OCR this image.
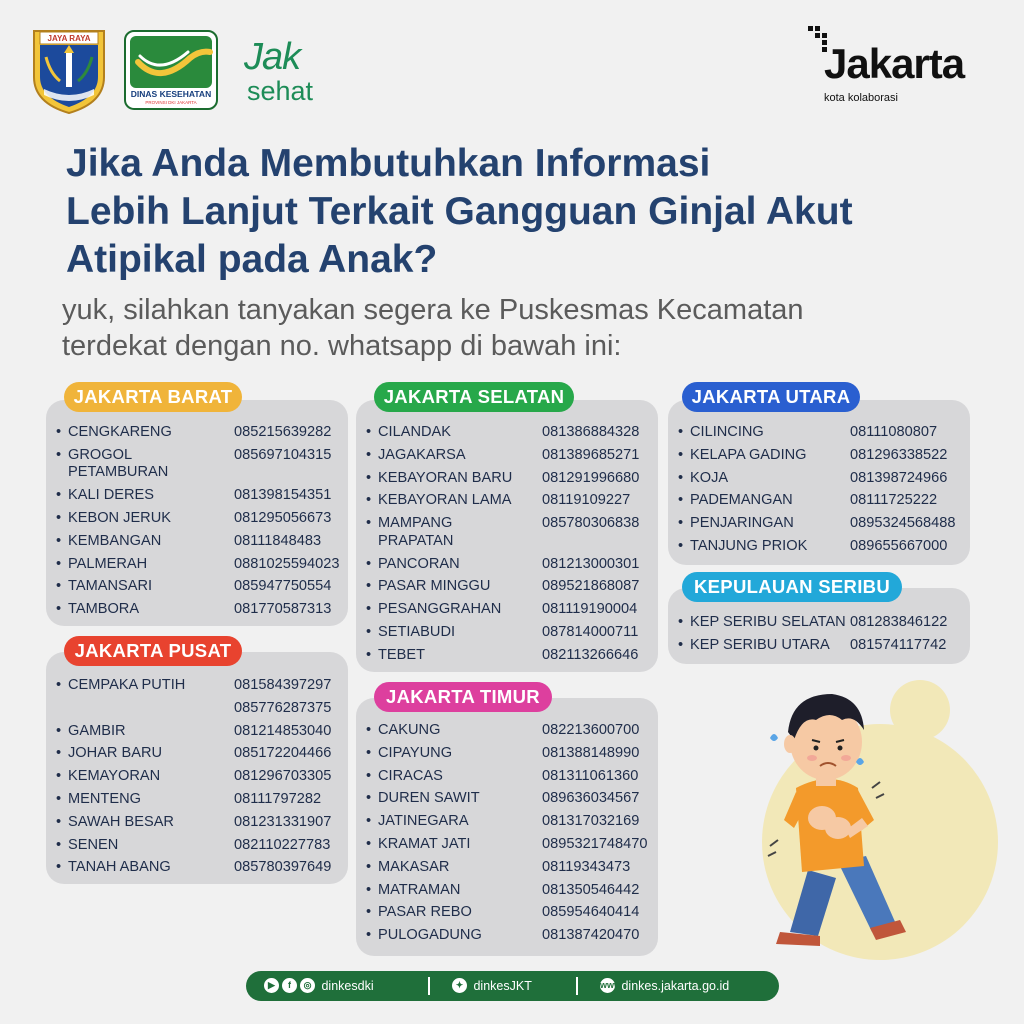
JAYA RAYA
DINAS KESEHATAN
PROVINSI DKI JAKARTA
Jak
sehat
Jakarta
kota kolaborasi
Jika Anda Membutuhkan Informasi
Lebih Lanjut Terkait Gangguan Ginjal Akut
Atipikal pada Anak?

yuk, silahkan tanyakan segera ke Puskesmas Kecamatan
terdekat dengan no. whatsapp di bawah ini:

• CENGKARENG	085215639282
• GROGOL
PETAMBURAN
085697104315
• KALI DERES	081398154351
• KEBON JERUK	081295056673
• KEMBANGAN	08111848483
• PALMERAH	0881025594023
• TAMANSARI	085947750554
• TAMBORA	081770587313
JAKARTA BARAT
• CEMPAKA PUTIH	081584397297
085776287375
• GAMBIR	081214853040
• JOHAR BARU	085172204466
• KEMAYORAN	081296703305
• MENTENG	08111797282
• SAWAH BESAR	081231331907
• SENEN	082110227783
• TANAH ABANG	085780397649
JAKARTA PUSAT
• CILANDAK	081386884328
• JAGAKARSA	081389685271
• KEBAYORAN BARU 081291996680
• KEBAYORAN LAMA 08119109227
• MAMPANG
PRAPATAN
085780306838
• PANCORAN	081213000301
• PASAR MINGGU	089521868087
• PESANGGRAHAN	081119190004
• SETIABUDI	087814000711
• TEBET	082113266646
JAKARTA SELATAN
• CAKUNG	082213600700
• CIPAYUNG	081388148990
• CIRACAS	081311061360
• DUREN SAWIT	089636034567
• JATINEGARA	081317032169
• KRAMAT JATI	0895321748470
• MAKASAR	08119343473
• MATRAMAN	081350546442
• PASAR REBO	085954640414
• PULOGADUNG	081387420470
JAKARTA TIMUR
• CILINCING	08111080807
• KELAPA GADING	081296338522
• KOJA	081398724966
• PADEMANGAN	08111725222
• PENJARINGAN	0895324568488
• TANJUNG PRIOK	089655667000
JAKARTA UTARA
• KEP SERIBU SELATAN 081283846122
• KEP SERIBU UTARA 081574117742
KEPULAUAN SERIBU
▶ f ◎ dinkesdki	✦ dinkesJKT	www dinkes.jakarta.go.id
